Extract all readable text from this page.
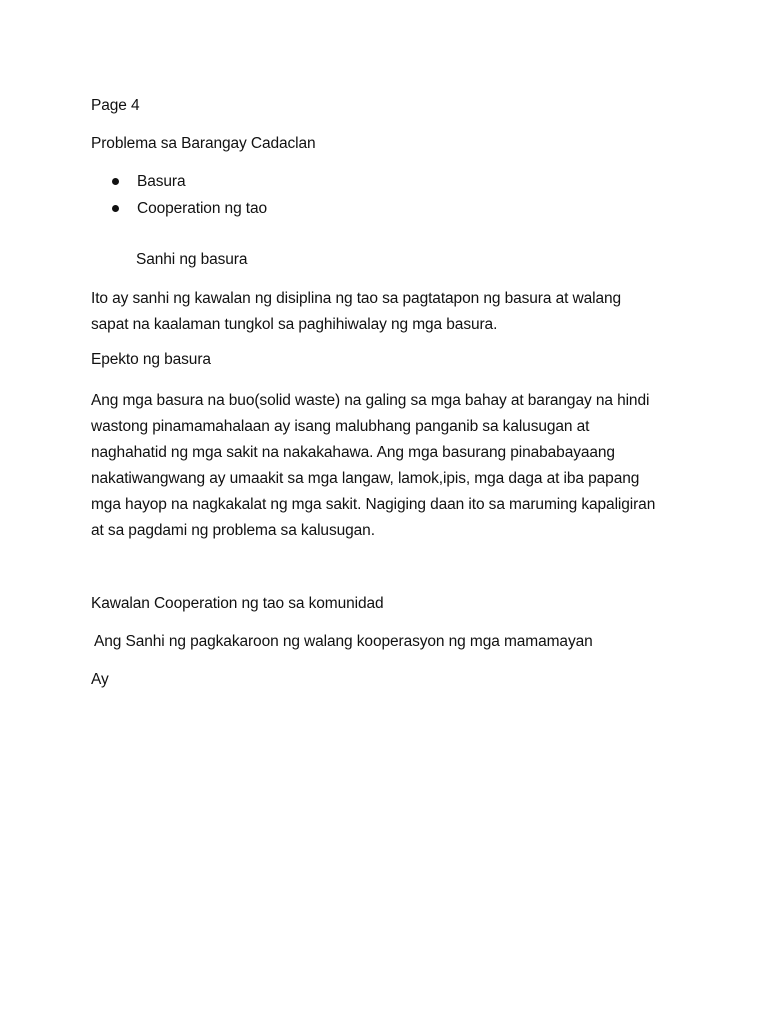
Page 4
Problema sa Barangay Cadaclan
Basura
Cooperation ng tao
Sanhi ng basura
Ito ay sanhi ng kawalan ng disiplina ng tao sa pagtatapon ng basura at walang
sapat na kaalaman tungkol sa paghihiwalay ng mga basura.
Epekto ng basura
Ang mga basura na buo(solid waste) na galing sa mga bahay at barangay na hindi
wastong pinamamahalaan ay isang malubhang panganib sa kalusugan at
naghahatid ng mga sakit na nakakahawa. Ang mga basurang pinababayaang
nakatiwangwang ay umaakit sa mga langaw, lamok,ipis, mga daga at iba papang
mga hayop na nagkakalat ng mga sakit. Nagiging daan ito sa maruming kapaligiran
at sa pagdami ng problema sa kalusugan.
Kawalan Cooperation ng tao sa komunidad
Ang Sanhi ng pagkakaroon ng walang kooperasyon ng mga mamamayan
Ay
